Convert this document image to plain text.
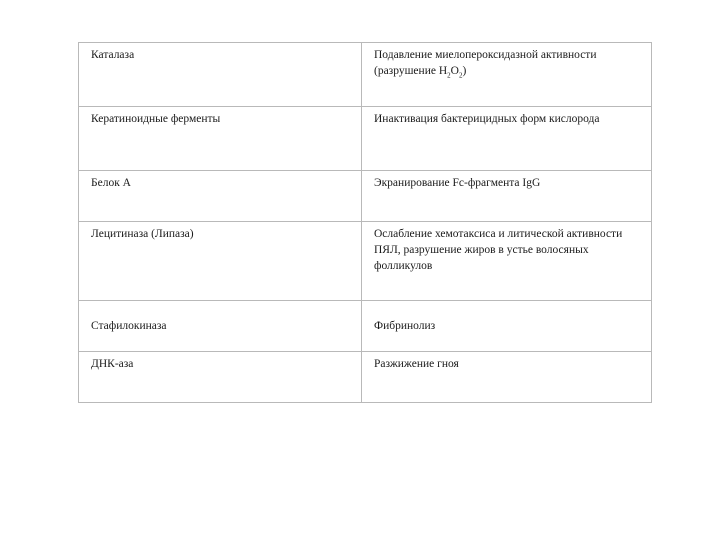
Каталаза	Подавление миелопероксидазной активности (разрушение $Н_2О_2$)
Кератиноидные ферменты	Инактивация бактерицидных форм кислорода
Белок А	Экранирование Fc-фрагмента IgG
Лецитиназа (Липаза)	Ослабление хемотаксиса и литической активности ПЯЛ, разрушение жиров в устье волосяных фолликулов
Стафилокиназа	Фибринолиз
ДНК-аза	Разжижение гноя
